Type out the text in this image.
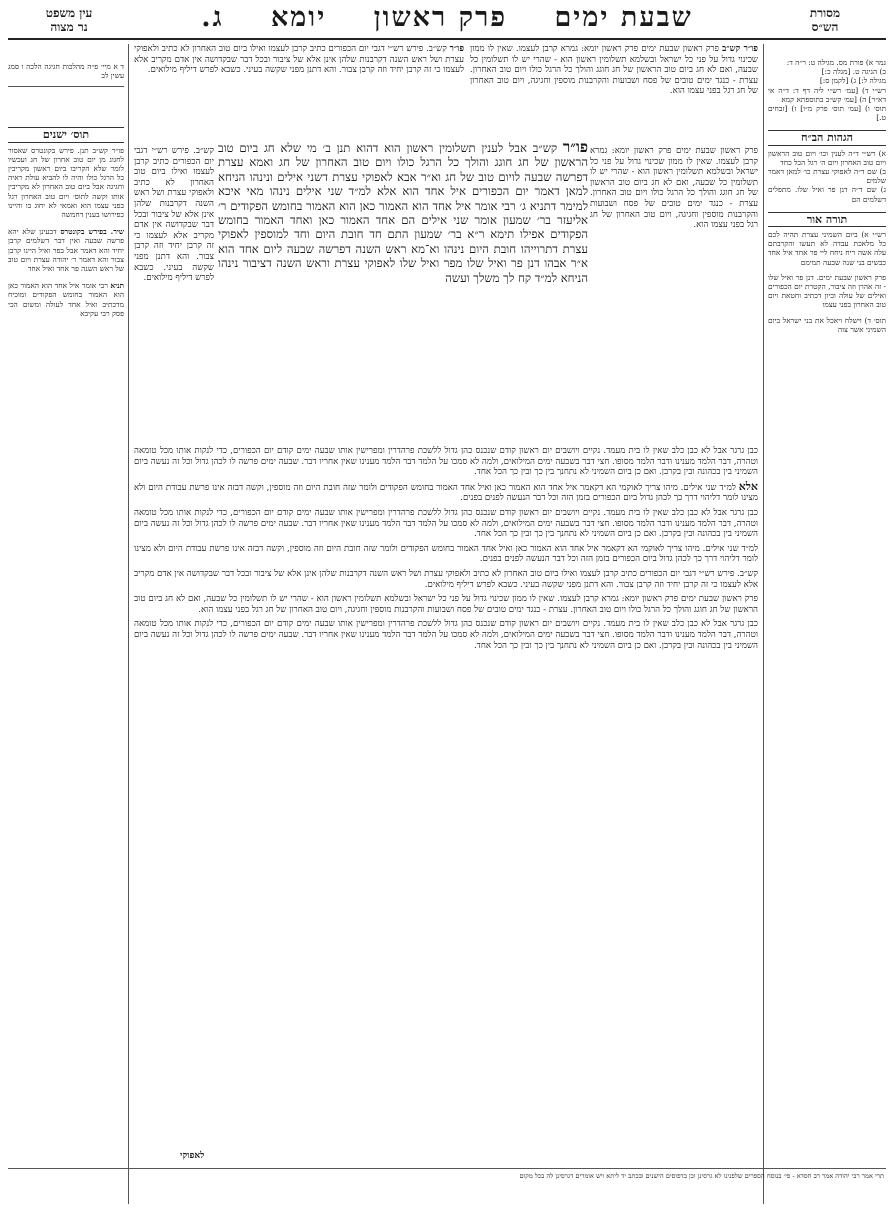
מסורת
הש״ס
עין משפט
נר מצוה	שבעת ימים פרק ראשון יומא ג.

גמר א) פורת מס. מגילה ט: ר״ה ד:

ב) הגיגה ט. [מגלה כ:]

מגילה ל:] ג) [לקמן ס:]

רש״י ד) [עמ׳ רש״י ליה דף ד: ד״ה אי דא״ר] ה) [עמ׳ קש״ב בתוספתא קמא

תוס׳ ו) [עמ׳ תוס׳ פרק מ״ו] ז) [זבחים ט.]

הגהות הב״ח

א) רש״י ד״ה לענין וכו׳ ויום טוב הראשון ויום טוב האחרון ויום ה׳ רגל הכל כחד

ב) שם ד״ה לאפוקי עצרת כו׳ למאן דאמר שלמים

ג) שם ד״ה דנן פר ואיל שלו. מתפלים דשלמים הם

תורה אור

רש״י א) ביום השמיני עצרת תהיה לכם כל מלאכת עבדה לא תעשו והקרבתם עלה אשה ריח ניחח ליי פר אחד איל אחד כבשים בני שנה שבעה תמימם

פרק ראשון שבעת ימים. דנן פר ואיל שלו - זה אהרן וזה ציבור, הקטרת יום הכפורים ואילים של עולה וכיון דכתיב וחטאת ויום טוב האחרון בפני עצמו

תוס׳ ד) וישלח ויאכל את בני ישראל ביום השמיני אשר צוה

ד א מיי׳ פ״ה מהלכות חגיגה הלכה ו סמג עשין לב

תוס׳ ישנים

פו״ר קש״ב תנן. פירש בקונטרס שאסור לחגוג מן יום טוב אחרון של חג ועכשיו לומר שלא הקריבו ביום ראשון מקריבין כל הרגל כולו והיה לו להביא עולת ראיה וחגיגה אבל ביום טוב האחרון לא מקריבין אותו וקשה לתוס׳ ויום טוב האחרון רגל בפני עצמו הוא ואמאי לא יחוג בו והיינו כפירושו בענין דחמשה

שיר. בפירש בקונטרס דבעינן שלא יהא פרשה שבעה ואין דבר דשלמים קרבן יחיד והא דאמר אבל בפר ואיל היינו קרבן צבור והא דאמר ר׳ יהודה עצרת ויום טוב של ראש השנה פר אחד ואיל אחד

תניא רבי אומר איל אחד הוא האמור כאן הוא האמור בחומש הפקודים ומוכיח מדכתיב ואיל אחד לעולה ומשום הכי פסק רבי עקיבא

פו״ר קש״ב פרק ראשון שבעת ימים פרק ראשון יומא: גמרא קרבן לעצמו. שאין לו ממון שכינוי גדול על פני כל ישראל ובשלמא תשלומין ראשון הוא - שהרי יש לו תשלומין כל שבעה, ואם לא חג ביום טוב הראשון של חג חוגג והולך כל הרגל כולו ויום טוב האחרון. עצרת - כנגד ימים טובים של פסח ושבועות והקרבנות מוספין וחגיגה, ויום טוב האחרון של חג רגל בפני עצמו הוא.

פו״ר קש״ב. פירש רש״י דגבי יום הכפורים כתיב קרבן לעצמו ואילו ביום טוב האחרון לא כתיב ולאפוקי עצרת ושל ראש השנה דקרבנות שלהן אינן אלא של ציבור ובכל דבר שבקדושה אין אדם מקריב אלא לעצמו כי זה קרבן יחיד וזה קרבן צבור. והא דתנן מפני שקשה בעיני. כשבא לפרש דיליף מילואים.

פו״ר קש״ב אבל לענין תשלומין ראשון הוא דהוא תנן ב׳ מי שלא חג ביום טוב הראשון של חג חוגג והולך כל הרגל כולו ויום טוב האחרון של חג ואמא עצרת דפרשה שבעה לויום טוב של חג וא״ר אבא לאפוקי עצרת דשני אילים ונינהו הניחא למאן דאמר יום הכפורים איל אחד הוא אלא למ״ד שני אילים נינהו מאי איכא למימר דתניא ג׳ רבי אומר איל אחד הוא האמור כאן הוא האמור בחומש הפקודים ר׳ אליעזר בר׳ שמעון אומר שני אילים הם אחד האמור כאן ואחד האמור בחומש הפקודים אפילו תימא ר״א בר׳ שמעון התם חד חובת היום וחד למוספין לאפוקי עצרת דתרוייהו חובת היום נינהו וא־מא ראש השנה דפרשה שבעה ליום אחד הוא א״ר אבהו דנן פר ואיל שלו מפר ואיל שלו לאפוקי עצרת וראש השנה דציבור נינהו הניחא למ״ד קח לך משלך ועשה

פרק ראשון שבעת ימים פרק ראשון יומא: גמרא קרבן לעצמו. שאין לו ממון שכינוי גדול על פני כל ישראל ובשלמא תשלומין ראשון הוא - שהרי יש לו תשלומין כל שבעה, ואם לא חג ביום טוב הראשון של חג חוגג והולך כל הרגל כולו ויום טוב האחרון. עצרת - כנגד ימים טובים של פסח ושבועות והקרבנות מוספין וחגיגה, ויום טוב האחרון של חג רגל בפני עצמו הוא.

קש״ב. פירש רש״י דגבי יום הכפורים כתיב קרבן לעצמו ואילו ביום טוב האחרון לא כתיב ולאפוקי עצרת ושל ראש השנה דקרבנות שלהן אינן אלא של ציבור ובכל דבר שבקדושה אין אדם מקריב אלא לעצמו כי זה קרבן יחיד וזה קרבן צבור. והא דתנן מפני שקשה בעיני. כשבא לפרש דיליף מילואים.

כבן גרגר אבל לא כבן כלב שאין לו בית מעמד. נקיים ויושבים יום ראשון קודם שנכנס כהן גדול ללשכת פרהדרין ומפרישין אותו שבעה ימים קודם יום הכפורים, כדי לנקות אותו מכל טומאה וטהרה, דבר הלמד מענינו ודבר הלמד מסופו. חצי דבר בשבעה ימים המילואים, ולמה לא סמכו על הלמד דבר הלמד מענינו שאין אחריו דבר. שבעה ימים פרשה לו לכהן גדול וכל זה נעשה ביום השמיני בין בכהונה ובין בקרבן. ואם כן ביום השמיני לא נתחנך בין כך ובין כך הכל אחד.

אלא למ״ד שני אילים. מיהו צריך לאוקמי הא דקאמר איל אחד הוא האמור כאן ואיל אחד האמור בחומש הפקודים ולומר שזה חובת היום וזה מוספין, וקשה דבזה אינו פרשת עבודת היום ולא מצינו לומר דליהוי דרך כך לכהן גדול ביום הכפורים בזמן הזה וכל דבר הנעשה לפנים בפנים.

כבן גרגר אבל לא כבן כלב שאין לו בית מעמד. נקיים ויושבים יום ראשון קודם שנכנס כהן גדול ללשכת פרהדרין ומפרישין אותו שבעה ימים קודם יום הכפורים, כדי לנקות אותו מכל טומאה וטהרה, דבר הלמד מענינו ודבר הלמד מסופו. חצי דבר בשבעה ימים המילואים, ולמה לא סמכו על הלמד דבר הלמד מענינו שאין אחריו דבר. שבעה ימים פרשה לו לכהן גדול וכל זה נעשה ביום השמיני בין בכהונה ובין בקרבן. ואם כן ביום השמיני לא נתחנך בין כך ובין כך הכל אחד.

למ״ד שני אילים. מיהו צריך לאוקמי הא דקאמר איל אחד הוא האמור כאן ואיל אחד האמור בחומש הפקודים ולומר שזה חובת היום וזה מוספין, וקשה דבזה אינו פרשת עבודת היום ולא מצינו לומר דליהוי דרך כך לכהן גדול ביום הכפורים בזמן הזה וכל דבר הנעשה לפנים בפנים.

קש״ב. פירש רש״י דגבי יום הכפורים כתיב קרבן לעצמו ואילו ביום טוב האחרון לא כתיב ולאפוקי עצרת ושל ראש השנה דקרבנות שלהן אינן אלא של ציבור ובכל דבר שבקדושה אין אדם מקריב אלא לעצמו כי זה קרבן יחיד וזה קרבן צבור. והא דתנן מפני שקשה בעיני. כשבא לפרש דיליף מילואים.

פרק ראשון שבעת ימים פרק ראשון יומא: גמרא קרבן לעצמו. שאין לו ממון שכינוי גדול על פני כל ישראל ובשלמא תשלומין ראשון הוא - שהרי יש לו תשלומין כל שבעה, ואם לא חג ביום טוב הראשון של חג חוגג והולך כל הרגל כולו ויום טוב האחרון. עצרת - כנגד ימים טובים של פסח ושבועות והקרבנות מוספין וחגיגה, ויום טוב האחרון של חג רגל בפני עצמו הוא.

כבן גרגר אבל לא כבן כלב שאין לו בית מעמד. נקיים ויושבים יום ראשון קודם שנכנס כהן גדול ללשכת פרהדרין ומפרישין אותו שבעה ימים קודם יום הכפורים, כדי לנקות אותו מכל טומאה וטהרה, דבר הלמד מענינו ודבר הלמד מסופו. חצי דבר בשבעה ימים המילואים, ולמה לא סמכו על הלמד דבר הלמד מענינו שאין אחריו דבר. שבעה ימים פרשה לו לכהן גדול וכל זה נעשה ביום השמיני בין בכהונה ובין בקרבן. ואם כן ביום השמיני לא נתחנך בין כך ובין כך הכל אחד.

לאפוקי
תרי אמר רבי יהודה אמר רב חסדא - פי׳ בנוסח הספרים שלפנינו לא גרסינן וכן בדפוסים הישנים ובכתב יד ליתא ויש אומרים דגרסינן לה בכל מקום
